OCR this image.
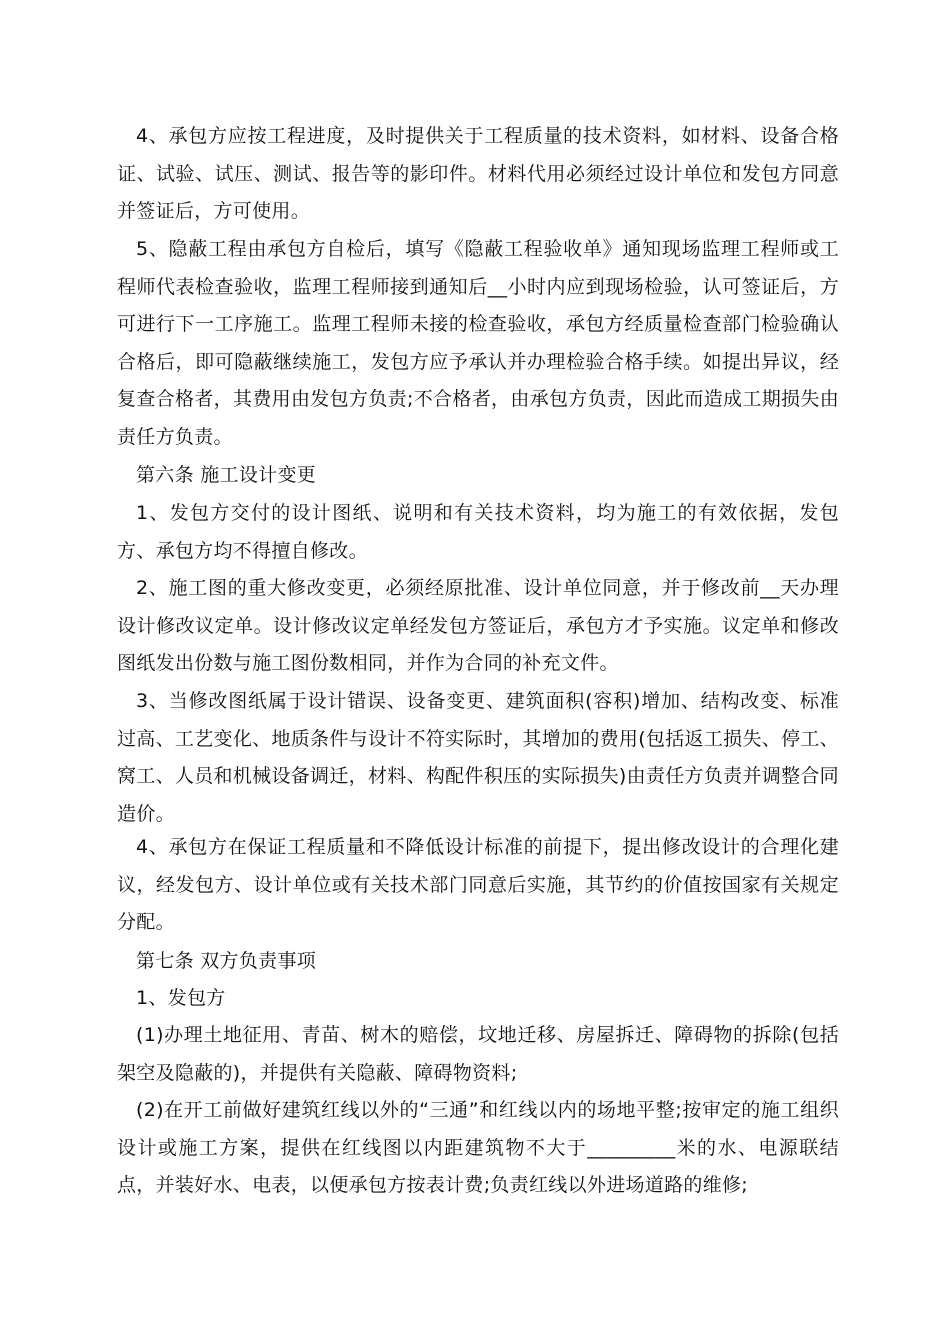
4、承包方应按工程进度，及时提供关于工程质量的技术资料，如材料、设备合格证、试验、试压、测试、报告等的影印件。材料代用必须经过设计单位和发包方同意并签证后，方可使用。

5、隐蔽工程由承包方自检后，填写《隐蔽工程验收单》通知现场监理工程师或工程师代表检查验收，监理工程师接到通知后__小时内应到现场检验，认可签证后，方可进行下一工序施工。监理工程师未接的检查验收，承包方经质量检查部门检验确认合格后，即可隐蔽继续施工，发包方应予承认并办理检验合格手续。如提出异议，经复查合格者，其费用由发包方负责;不合格者，由承包方负责，因此而造成工期损失由责任方负责。

第六条 施工设计变更

1、发包方交付的设计图纸、说明和有关技术资料，均为施工的有效依据，发包方、承包方均不得擅自修改。

2、施工图的重大修改变更，必须经原批准、设计单位同意，并于修改前__天办理设计修改议定单。设计修改议定单经发包方签证后，承包方才予实施。议定单和修改图纸发出份数与施工图份数相同，并作为合同的补充文件。

3、当修改图纸属于设计错误、设备变更、建筑面积(容积)增加、结构改变、标准过高、工艺变化、地质条件与设计不符实际时，其增加的费用(包括返工损失、停工、窝工、人员和机械设备调迁，材料、构配件积压的实际损失)由责任方负责并调整合同造价。

4、承包方在保证工程质量和不降低设计标准的前提下，提出修改设计的合理化建议，经发包方、设计单位或有关技术部门同意后实施，其节约的价值按国家有关规定分配。

第七条 双方负责事项

1、发包方

(1)办理土地征用、青苗、树木的赔偿，坟地迁移、房屋拆迁、障碍物的拆除(包括架空及隐蔽的)，并提供有关隐蔽、障碍物资料;

(2)在开工前做好建筑红线以外的“三通”和红线以内的场地平整;按审定的施工组织设计或施工方案，提供在红线图以内距建筑物不大于_________米的水、电源联结点，并装好水、电表，以便承包方按表计费;负责红线以外进场道路的维修;
